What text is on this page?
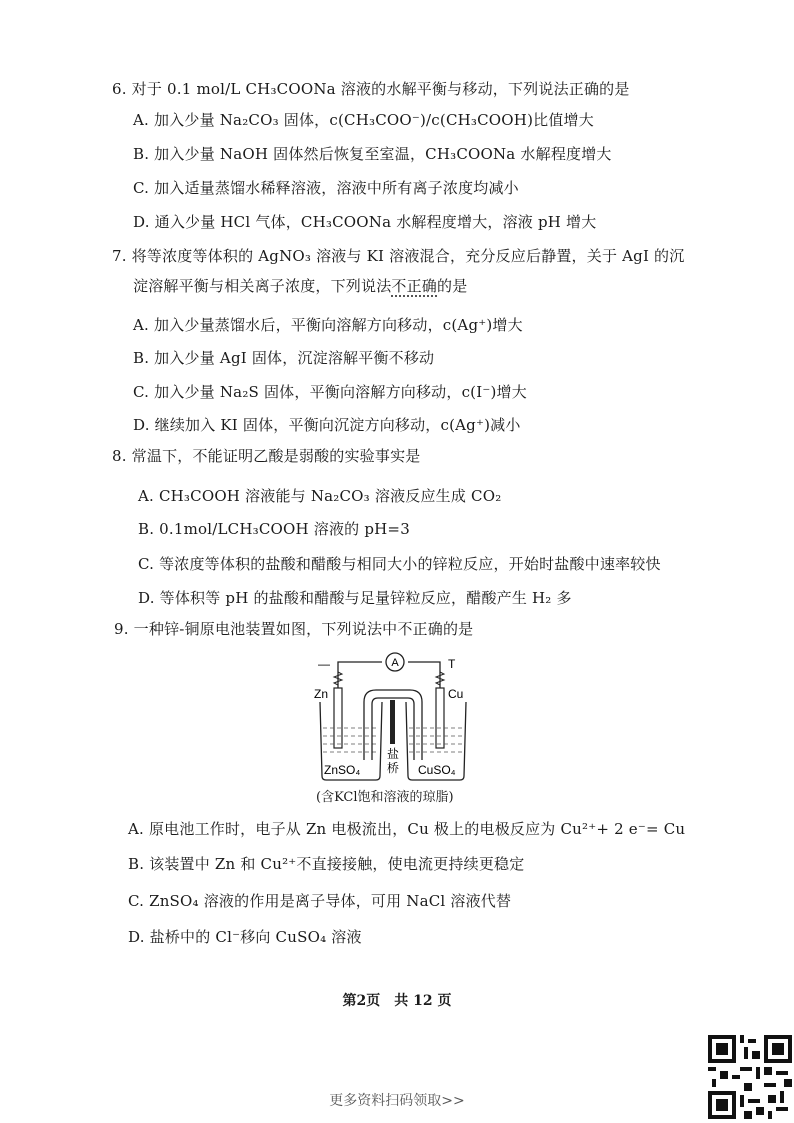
6. 对于 0.1 mol/L CH₃COONa 溶液的水解平衡与移动，下列说法正确的是
A. 加入少量 Na₂CO₃ 固体，c(CH₃COO⁻)/c(CH₃COOH)比值增大
B. 加入少量 NaOH 固体然后恢复至室温，CH₃COONa 水解程度增大
C. 加入适量蒸馏水稀释溶液，溶液中所有离子浓度均减小
D. 通入少量 HCl 气体，CH₃COONa 水解程度增大，溶液 pH 增大
7. 将等浓度等体积的 AgNO₃ 溶液与 KI 溶液混合，充分反应后静置，关于 AgI 的沉
淀溶解平衡与相关离子浓度，下列说法不正确的是
A. 加入少量蒸馏水后，平衡向溶解方向移动，c(Ag⁺)增大
B. 加入少量 AgI 固体，沉淀溶解平衡不移动
C. 加入少量 Na₂S 固体，平衡向溶解方向移动，c(I⁻)增大
D. 继续加入 KI 固体，平衡向沉淀方向移动，c(Ag⁺)减小
8. 常温下，不能证明乙酸是弱酸的实验事实是
A. CH₃COOH 溶液能与 Na₂CO₃ 溶液反应生成 CO₂
B. 0.1mol/LCH₃COOH 溶液的 pH=3
C. 等浓度等体积的盐酸和醋酸与相同大小的锌粒反应，开始时盐酸中速率较快
D. 等体积等 pH 的盐酸和醋酸与足量锌粒反应，醋酸产生 H₂ 多
9. 一种锌-铜原电池装置如图，下列说法中不正确的是
A
—	T
Zn	Cu
盐
桥
ZnSO₄	CuSO₄
(含KCl饱和溶液的琼脂)
A. 原电池工作时，电子从 Zn 电极流出，Cu 极上的电极反应为 Cu²⁺+ 2 e⁻= Cu
B. 该装置中 Zn 和 Cu²⁺不直接接触，使电流更持续更稳定
C. ZnSO₄ 溶液的作用是离子导体，可用 NaCl 溶液代替
D. 盐桥中的 Cl⁻移向 CuSO₄ 溶液
第2页　共 12 页
更多资料扫码领取>>
